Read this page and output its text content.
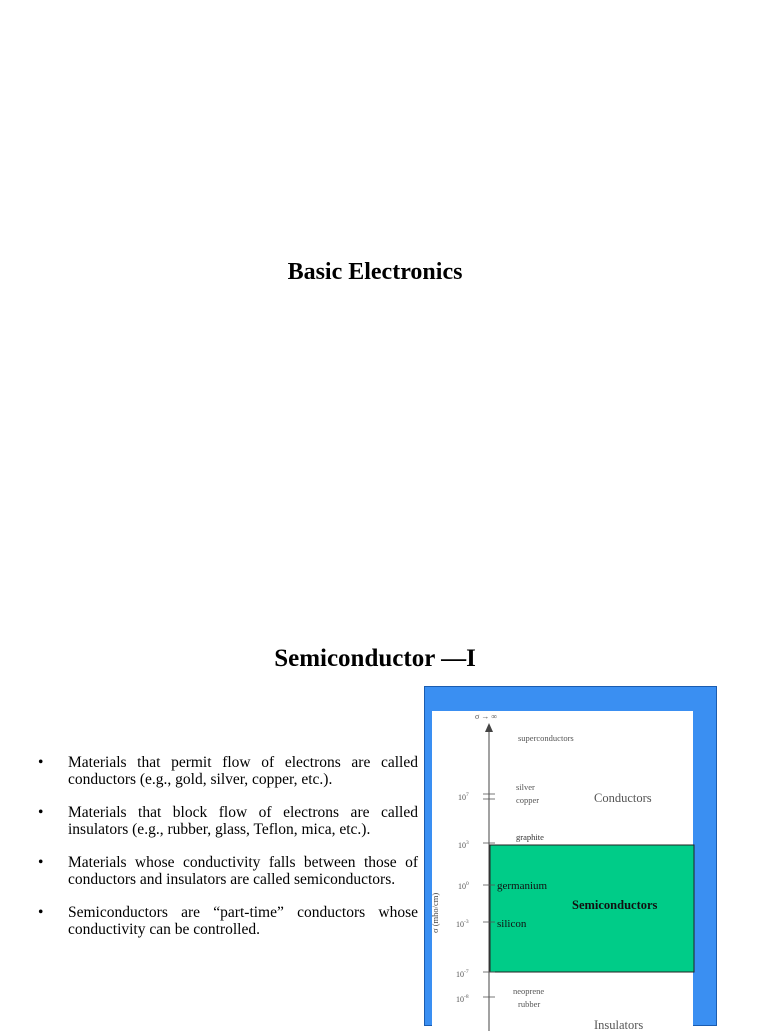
Basic Electronics
Semiconductor —I
• Materials that permit flow of electrons are called conductors (e.g., gold, silver, copper, etc.).
• Materials that block flow of electrons are called insulators (e.g., rubber, glass, Teflon, mica, etc.).
• Materials whose conductivity falls between those of conductors and insulators are called semiconductors.
• Semiconductors are “part-time” conductors whose conductivity can be controlled.
σ → ∞
σ (mho/cm)
$10^7$
$10^3$
$10^0$
$10^{-3}$
$10^{-7}$
$10^{-8}$
superconductors
silver
copper
graphite
germanium
silicon
neoprene
rubber
Conductors
Semiconductors
Insulators
